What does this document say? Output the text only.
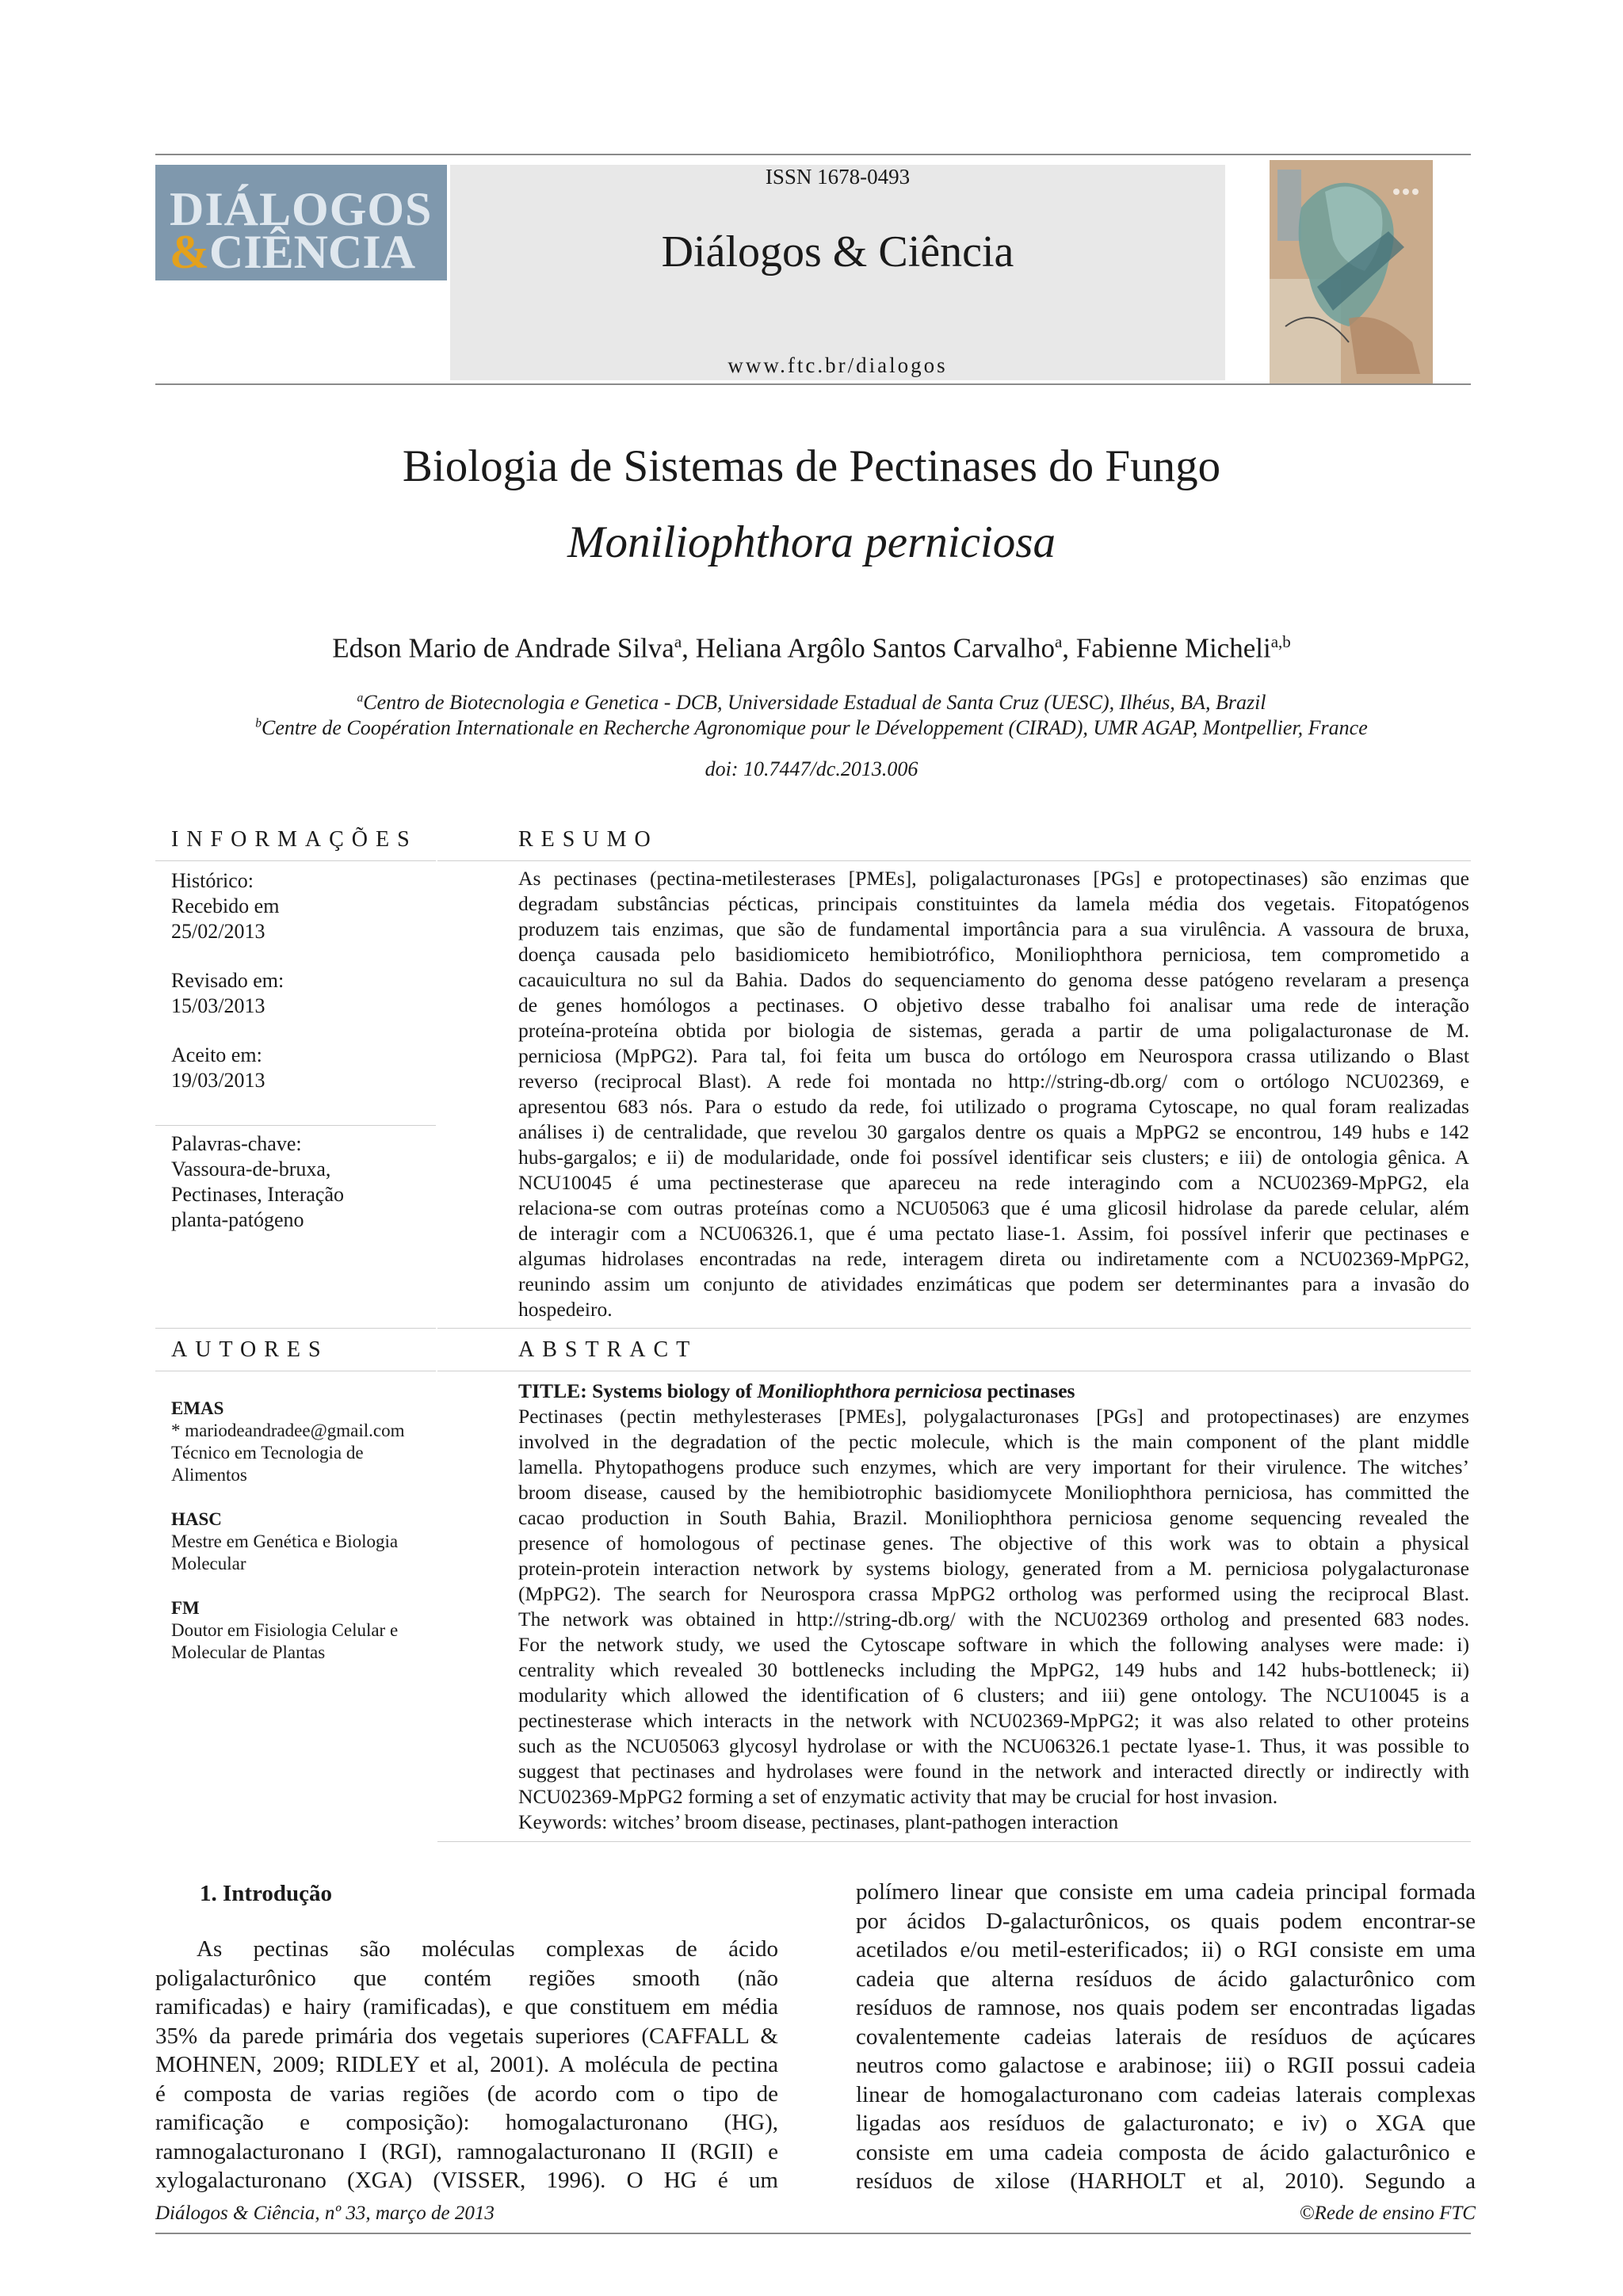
DIÁLOGOS
&CIÊNCIA
ISSN 1678-0493
Diálogos & Ciência
www.ftc.br/dialogos
Biologia de Sistemas de Pectinases do Fungo
Moniliophthora perniciosa
Edson Mario de Andrade Silva$^a$, Heliana Argôlo Santos Carvalho$^a$, Fabienne Micheli$^{a,b}$
$^a$Centro de Biotecnologia e Genetica - DCB, Universidade Estadual de Santa Cruz (UESC), Ilhéus, BA, Brazil
$^b$Centre de Coopération Internationale en Recherche Agronomique pour le Développement (CIRAD), UMR AGAP, Montpellier, France
doi: 10.7447/dc.2013.006
INFORMAÇÕES
Histórico:
Recebido em
25/02/2013
Revisado em:
15/03/2013
Aceito em:
19/03/2013
Palavras-chave:
Vassoura-de-bruxa,
Pectinases, Interação
planta-patógeno
AUTORES
EMAS
* mariodeandradee@gmail.com
Técnico em Tecnologia de
Alimentos
HASC
Mestre em Genética e Biologia
Molecular
FM
Doutor em Fisiologia Celular e
Molecular de Plantas
RESUMO
As pectinases (pectina-metilesterases [PMEs], poligalacturonases [PGs] e protopectinases) são enzimas que
degradam substâncias pécticas, principais constituintes da lamela média dos vegetais. Fitopatógenos
produzem tais enzimas, que são de fundamental importância para a sua virulência. A vassoura de bruxa,
doença causada pelo basidiomiceto hemibiotrófico, Moniliophthora perniciosa, tem comprometido a
cacauicultura no sul da Bahia. Dados do sequenciamento do genoma desse patógeno revelaram a presença
de genes homólogos a pectinases. O objetivo desse trabalho foi analisar uma rede de interação
proteína-proteína obtida por biologia de sistemas, gerada a partir de uma poligalacturonase de M.
perniciosa (MpPG2). Para tal, foi feita um busca do ortólogo em Neurospora crassa utilizando o Blast
reverso (reciprocal Blast). A rede foi montada no http://string-db.org/ com o ortólogo NCU02369, e
apresentou 683 nós. Para o estudo da rede, foi utilizado o programa Cytoscape, no qual foram realizadas
análises i) de centralidade, que revelou 30 gargalos dentre os quais a MpPG2 se encontrou, 149 hubs e 142
hubs-gargalos; e ii) de modularidade, onde foi possível identificar seis clusters; e iii) de ontologia gênica. A
NCU10045 é uma pectinesterase que apareceu na rede interagindo com a NCU02369-MpPG2, ela
relaciona-se com outras proteínas como a NCU05063 que é uma glicosil hidrolase da parede celular, além
de interagir com a NCU06326.1, que é uma pectato liase-1. Assim, foi possível inferir que pectinases e
algumas hidrolases encontradas na rede, interagem direta ou indiretamente com a NCU02369-MpPG2,
reunindo assim um conjunto de atividades enzimáticas que podem ser determinantes para a invasão do
hospedeiro.
ABSTRACT
TITLE: Systems biology of Moniliophthora perniciosa pectinases
Pectinases (pectin methylesterases [PMEs], polygalacturonases [PGs] and protopectinases) are enzymes
involved in the degradation of the pectic molecule, which is the main component of the plant middle
lamella. Phytopathogens produce such enzymes, which are very important for their virulence. The witches’
broom disease, caused by the hemibiotrophic basidiomycete Moniliophthora perniciosa, has committed the
cacao production in South Bahia, Brazil. Moniliophthora perniciosa genome sequencing revealed the
presence of homologous of pectinase genes. The objective of this work was to obtain a physical
protein-protein interaction network by systems biology, generated from a M. perniciosa polygalacturonase
(MpPG2). The search for Neurospora crassa MpPG2 ortholog was performed using the reciprocal Blast.
The network was obtained in http://string-db.org/ with the NCU02369 ortholog and presented 683 nodes.
For the network study, we used the Cytoscape software in which the following analyses were made: i)
centrality which revealed 30 bottlenecks including the MpPG2, 149 hubs and 142 hubs-bottleneck; ii)
modularity which allowed the identification of 6 clusters; and iii) gene ontology. The NCU10045 is a
pectinesterase which interacts in the network with NCU02369-MpPG2; it was also related to other proteins
such as the NCU05063 glycosyl hydrolase or with the NCU06326.1 pectate lyase-1. Thus, it was possible to
suggest that pectinases and hydrolases were found in the network and interacted directly or indirectly with
NCU02369-MpPG2 forming a set of enzymatic activity that may be crucial for host invasion.
Keywords: witches’ broom disease, pectinases, plant-pathogen interaction
1. Introdução
As pectinas são moléculas complexas de ácido
poligalacturônico que contém regiões smooth (não
ramificadas) e hairy (ramificadas), e que constituem em média
35% da parede primária dos vegetais superiores (CAFFALL &
MOHNEN, 2009; RIDLEY et al, 2001). A molécula de pectina
é composta de varias regiões (de acordo com o tipo de
ramificação e composição): homogalacturonano (HG),
ramnogalacturonano I (RGI), ramnogalacturonano II (RGII) e
xylogalacturonano (XGA) (VISSER, 1996). O HG é um
polímero linear que consiste em uma cadeia principal formada
por ácidos D-galacturônicos, os quais podem encontrar-se
acetilados e/ou metil-esterificados; ii) o RGI consiste em uma
cadeia que alterna resíduos de ácido galacturônico com
resíduos de ramnose, nos quais podem ser encontradas ligadas
covalentemente cadeias laterais de resíduos de açúcares
neutros como galactose e arabinose; iii) o RGII possui cadeia
linear de homogalacturonano com cadeias laterais complexas
ligadas aos resíduos de galacturonato; e iv) o XGA que
consiste em uma cadeia composta de ácido galacturônico e
resíduos de xilose (HARHOLT et al, 2010). Segundo a
Diálogos & Ciência, nº 33, março de 2013	©Rede de ensino FTC
